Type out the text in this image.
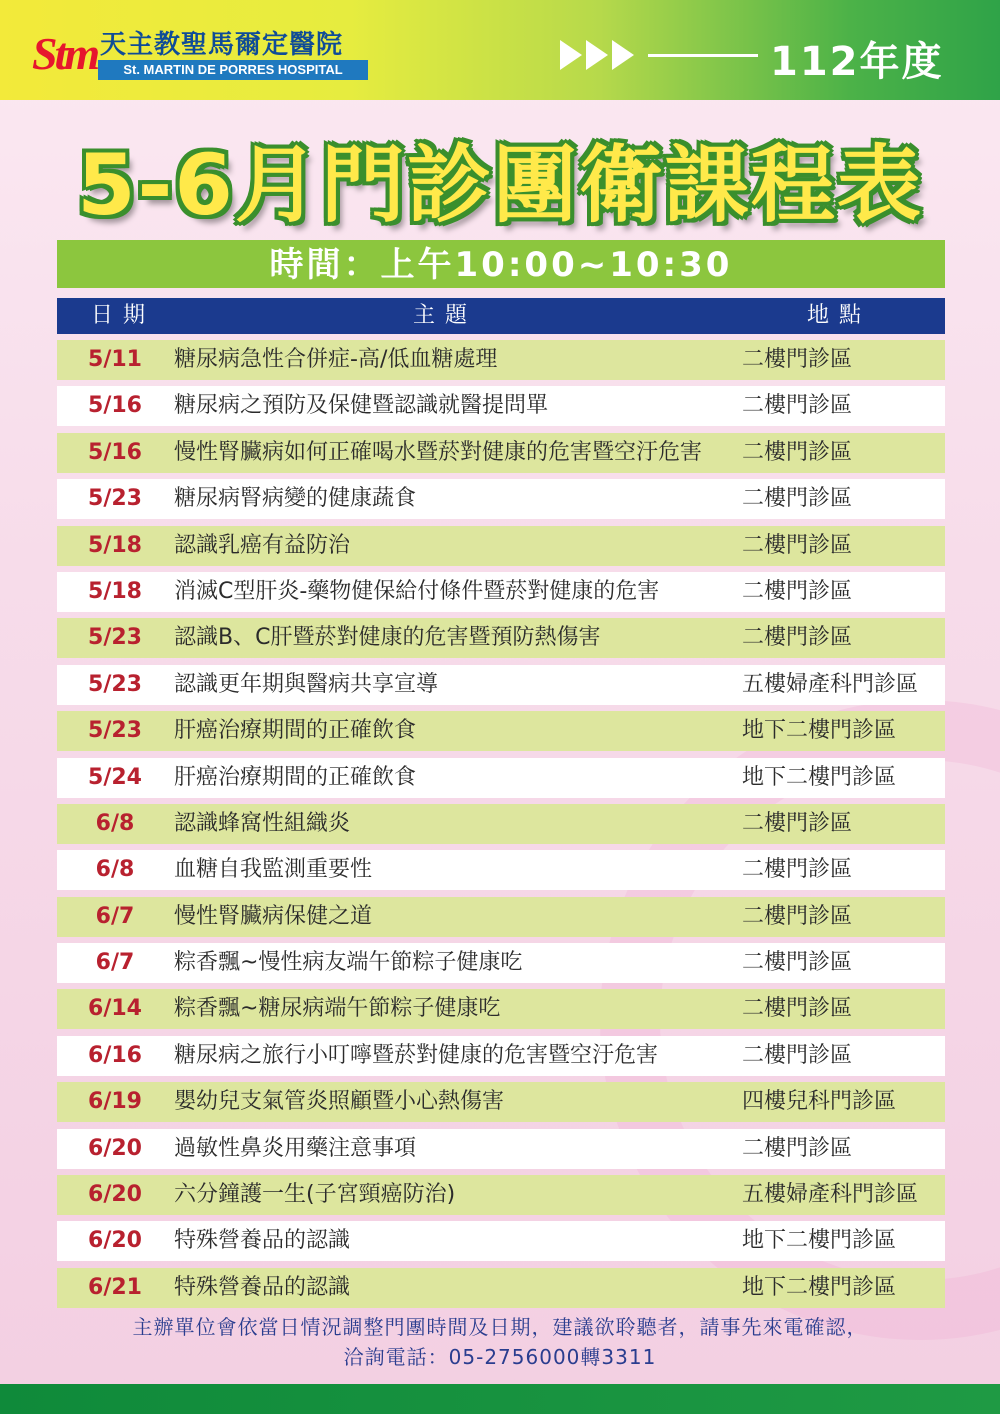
Stm 天主教聖馬爾定醫院
St. MARTIN DE PORRES HOSPITAL	112年度
5-6月門診團衛課程表
時間：上午10:00~10:30
日期	主題	地點
5/11	糖尿病急性合併症-高/低血糖處理	二樓門診區
5/16	糖尿病之預防及保健暨認識就醫提問單	二樓門診區
5/16	慢性腎臟病如何正確喝水暨菸對健康的危害暨空汙危害 二樓門診區
5/23	糖尿病腎病變的健康蔬食	二樓門診區
5/18	認識乳癌有益防治	二樓門診區
5/18	消滅C型肝炎-藥物健保給付條件暨菸對健康的危害	二樓門診區
5/23	認識B、C肝暨菸對健康的危害暨預防熱傷害	二樓門診區
5/23	認識更年期與醫病共享宣導	五樓婦產科門診區
5/23	肝癌治療期間的正確飲食	地下二樓門診區
5/24	肝癌治療期間的正確飲食	地下二樓門診區
6/8	認識蜂窩性組織炎	二樓門診區
6/8	血糖自我監測重要性	二樓門診區
6/7	慢性腎臟病保健之道	二樓門診區
6/7	粽香飄~慢性病友端午節粽子健康吃	二樓門診區
6/14	粽香飄~糖尿病端午節粽子健康吃	二樓門診區
6/16	糖尿病之旅行小叮嚀暨菸對健康的危害暨空汙危害	二樓門診區
6/19	嬰幼兒支氣管炎照顧暨小心熱傷害	四樓兒科門診區
6/20	過敏性鼻炎用藥注意事項	二樓門診區
6/20	六分鐘護一生(子宮頸癌防治)	五樓婦產科門診區
6/20	特殊營養品的認識	地下二樓門診區
6/21	特殊營養品的認識	地下二樓門診區
主辦單位會依當日情況調整門團時間及日期，建議欲聆聽者，請事先來電確認，
洽詢電話：05-2756000轉3311
